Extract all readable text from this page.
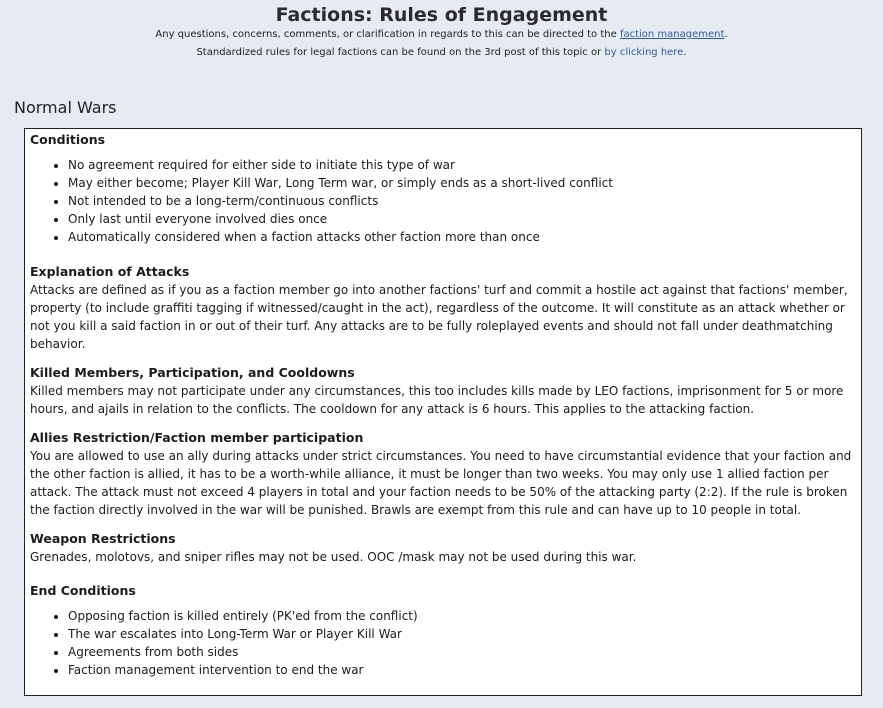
Factions: Rules of Engagement
Any questions, concerns, comments, or clarification in regards to this can be directed to the faction management.
Standardized rules for legal factions can be found on the 3rd post of this topic or by clicking here.
Normal Wars
Conditions
• No agreement required for either side to initiate this type of war
• May either become; Player Kill War, Long Term war, or simply ends as a short-lived conflict
• Not intended to be a long-term/continuous conflicts
• Only last until everyone involved dies once
• Automatically considered when a faction attacks other faction more than once
Explanation of Attacks

Attacks are defined as if you as a faction member go into another factions' turf and commit a hostile act against that factions' member, property (to include graffiti tagging if witnessed/caught in the act), regardless of the outcome. It will constitute as an attack whether or not you kill a said faction in or out of their turf. Any attacks are to be fully roleplayed events and should not fall under deathmatching behavior.

Killed Members, Participation, and Cooldowns

Killed members may not participate under any circumstances, this too includes kills made by LEO factions, imprisonment for 5 or more hours, and ajails in relation to the conflicts. The cooldown for any attack is 6 hours. This applies to the attacking faction.

Allies Restriction/Faction member participation

You are allowed to use an ally during attacks under strict circumstances. You need to have circumstantial evidence that your faction and the other faction is allied, it has to be a worth-while alliance, it must be longer than two weeks. You may only use 1 allied faction per attack. The attack must not exceed 4 players in total and your faction needs to be 50% of the attacking party (2:2). If the rule is broken the faction directly involved in the war will be punished. Brawls are exempt from this rule and can have up to 10 people in total.

Weapon Restrictions

Grenades, molotovs, and sniper rifles may not be used. OOC /mask may not be used during this war.

End Conditions
• Opposing faction is killed entirely (PK'ed from the conflict)
• The war escalates into Long-Term War or Player Kill War
• Agreements from both sides
• Faction management intervention to end the war
